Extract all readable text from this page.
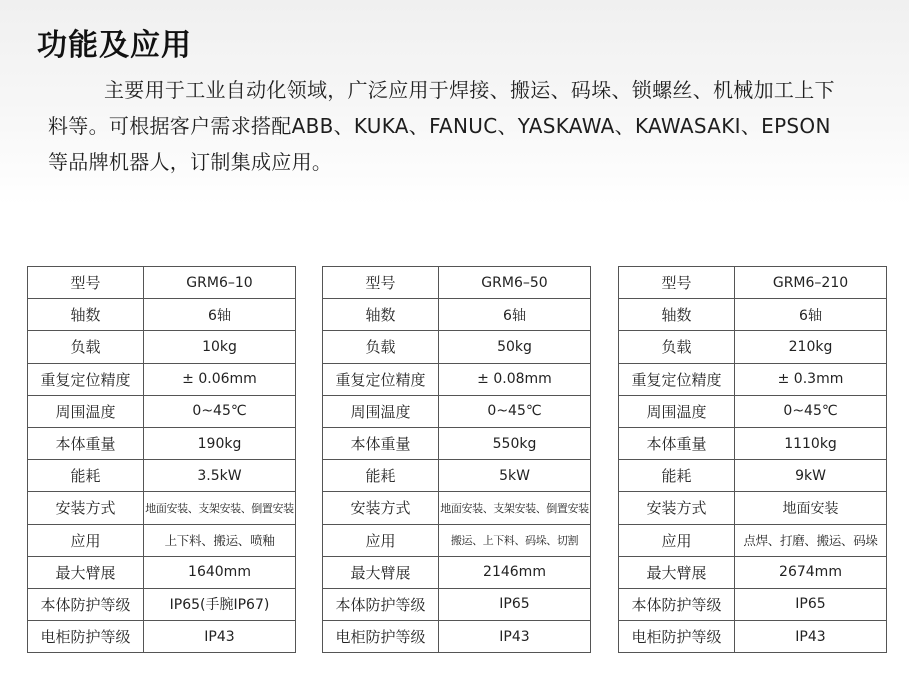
功能及应用

主要用于工业自动化领域，广泛应用于焊接、搬运、码垛、锁螺丝、机械加工上下料等。可根据客户需求搭配ABB、KUKA、FANUC、YASKAWA、KAWASAKI、EPSON等品牌机器人，订制集成应用。

型号	GRM6–10
轴数	6轴
负载	10kg
重复定位精度	± 0.06mm
周围温度	0~45℃
本体重量	190kg
能耗	3.5kW
安装方式	地面安装、支架安装、倒置安装
应用	上下料、搬运、喷釉
最大臂展	1640mm
本体防护等级	IP65(手腕IP67)
电柜防护等级	IP43
型号	GRM6–50
轴数	6轴
负载	50kg
重复定位精度	± 0.08mm
周围温度	0~45℃
本体重量	550kg
能耗	5kW
安装方式	地面安装、支架安装、倒置安装
应用	搬运、上下料、码垛、切割
最大臂展	2146mm
本体防护等级	IP65
电柜防护等级	IP43
型号	GRM6–210
轴数	6轴
负载	210kg
重复定位精度	± 0.3mm
周围温度	0~45℃
本体重量	1110kg
能耗	9kW
安装方式	地面安装
应用	点焊、打磨、搬运、码垛
最大臂展	2674mm
本体防护等级	IP65
电柜防护等级	IP43
